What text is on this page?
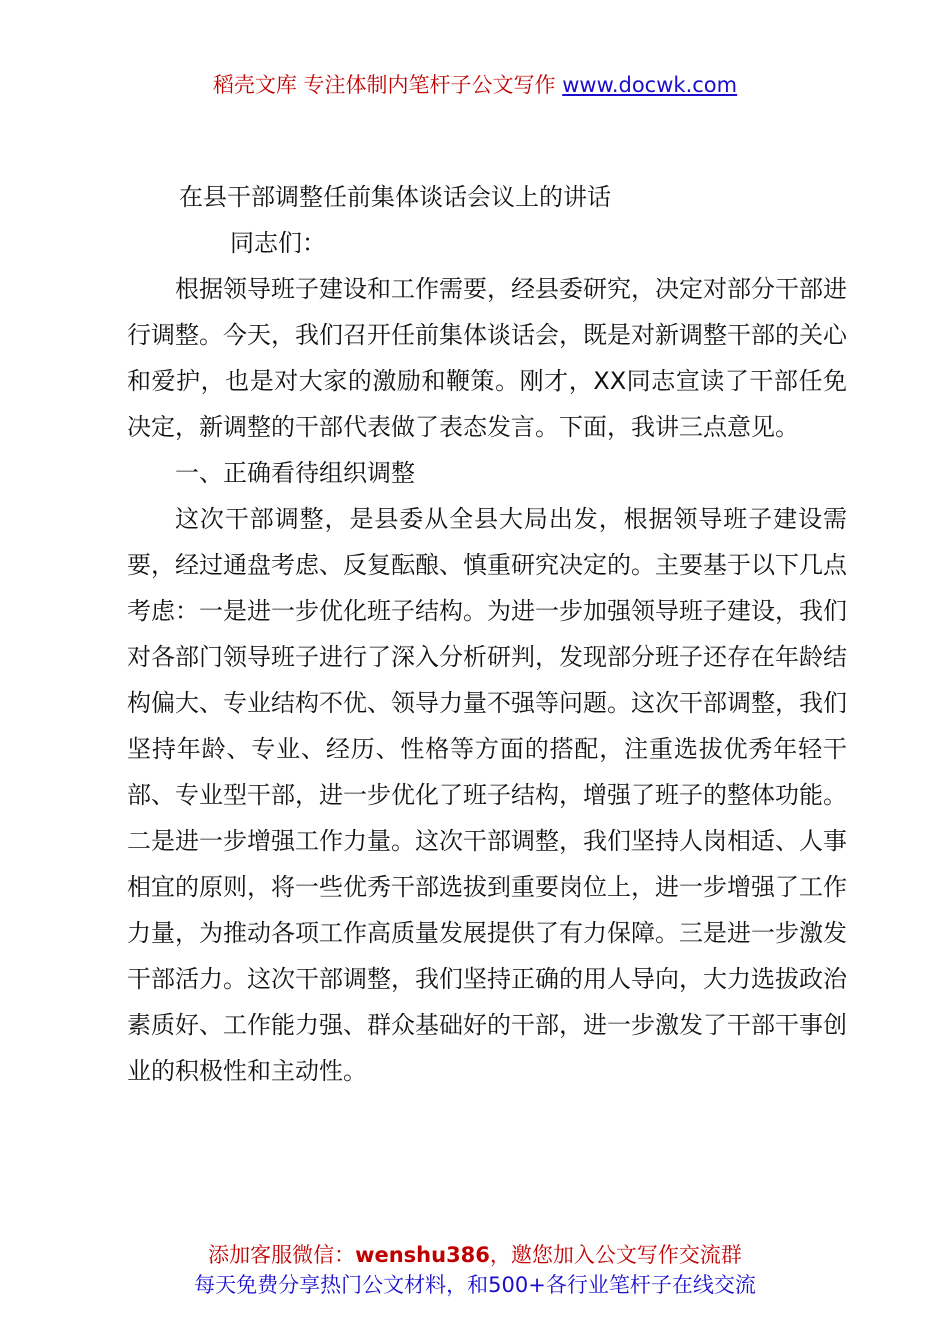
稻壳文库 专注体制内笔杆子公文写作 www.docwk.com

在县干部调整任前集体谈话会议上的讲话

同志们：

根据领导班子建设和工作需要，经县委研究，决定对部分干部进行调整。今天，我们召开任前集体谈话会，既是对新调整干部的关心和爱护，也是对大家的激励和鞭策。刚才，XX同志宣读了干部任免决定，新调整的干部代表做了表态发言。下面，我讲三点意见。

一、正确看待组织调整

这次干部调整，是县委从全县大局出发，根据领导班子建设需要，经过通盘考虑、反复酝酿、慎重研究决定的。主要基于以下几点考虑：一是进一步优化班子结构。为进一步加强领导班子建设，我们对各部门领导班子进行了深入分析研判，发现部分班子还存在年龄结构偏大、专业结构不优、领导力量不强等问题。这次干部调整，我们坚持年龄、专业、经历、性格等方面的搭配，注重选拔优秀年轻干部、专业型干部，进一步优化了班子结构，增强了班子的整体功能。二是进一步增强工作力量。这次干部调整，我们坚持人岗相适、人事相宜的原则，将一些优秀干部选拔到重要岗位上，进一步增强了工作力量，为推动各项工作高质量发展提供了有力保障。三是进一步激发干部活力。这次干部调整，我们坚持正确的用人导向，大力选拔政治素质好、工作能力强、群众基础好的干部，进一步激发了干部干事创业的积极性和主动性。

添加客服微信：wenshu386，邀您加入公文写作交流群
每天免费分享热门公文材料，和500+各行业笔杆子在线交流
